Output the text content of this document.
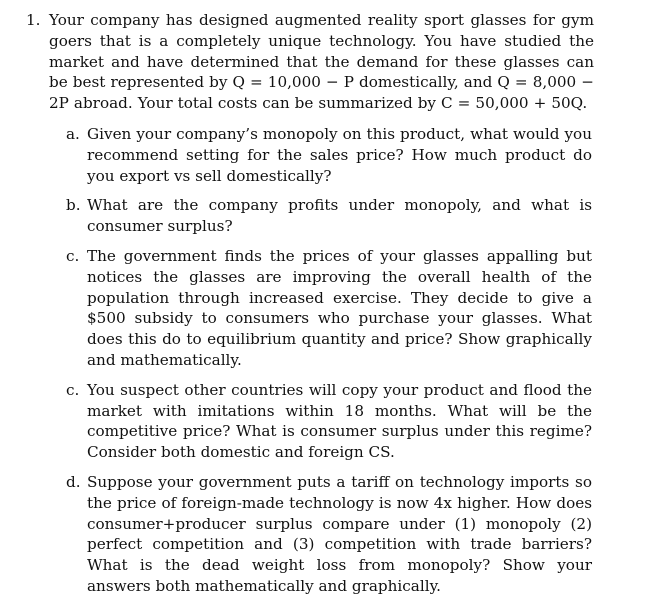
1. Your company has designed augmented reality sport glasses for gym goers that is a completely unique technology. You have studied the market and have determined that the demand for these glasses can be best represented by Q = 10,000 − P domestically, and Q = 8,000 − 2P abroad. Your total costs can be summarized by C = 50,000 + 50Q.

a. Given your company’s monopoly on this product, what would you recommend setting for the sales price? How much product do you export vs sell domestically?
b. What are the company profits under monopoly, and what is consumer surplus?
c. The government finds the prices of your glasses appalling but notices the glasses are improving the overall health of the population through increased exercise. They decide to give a $500 subsidy to consumers who purchase your glasses. What does this do to equilibrium quantity and price? Show graphically and mathematically.
c. You suspect other countries will copy your product and flood the market with imitations within 18 months. What will be the competitive price? What is consumer surplus under this regime? Consider both domestic and foreign CS.
d. Suppose your government puts a tariff on technology imports so the price of foreign-made technology is now 4x higher. How does consumer+producer surplus compare under (1) monopoly (2) perfect competition and (3) competition with trade barriers? What is the dead weight loss from monopoly? Show your answers both mathematically and graphically.
